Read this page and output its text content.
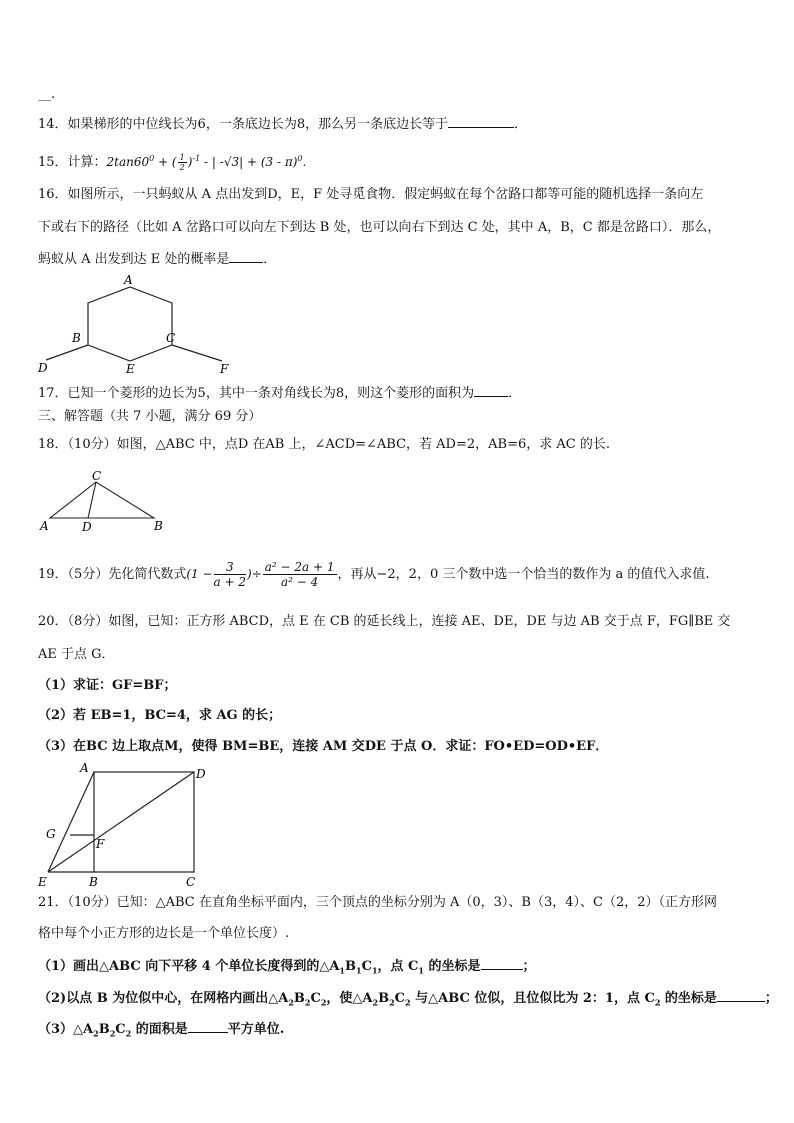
__.
14．如果梯形的中位线长为6，一条底边长为8，那么另一条底边长等于	．
15．计算：$2\tan 60^0$ + ( $\frac{1}{2} )^{-1}$ - | -√3| + (3 - π)$^0$.
16．如图所示，一只蚂蚁从 A 点出发到D，E，F 处寻觅食物．假定蚂蚁在每个岔路口都等可能的随机选择一条向左
下或右下的路径（比如 A 岔路口可以向左下到达 B 处，也可以向右下到达 C 处，其中 A，B，C 都是岔路口）．那么，
蚂蚁从 A 出发到达 E 处的概率是	．
A
B	C
D	E	F
17．已知一个菱形的边长为5，其中一条对角线长为8，则这个菱形的面积为	．
三、解答题（共 7 小题，满分 69 分）
18．（10分）如图，△ABC 中，点D 在AB 上，∠ACD=∠ABC，若 AD=2，AB=6，求 AC 的长.
C
A	D	B
19．（5分）先化简代数式($1 - \frac{3}{a + 2}$ )÷ $\frac{\text{a² − 2a + 1}}{\text{a² − 4}}$ ，再从−2，2，0 三个数中选一个恰当的数作为 a 的值代入求值.
20．（8分）如图，已知：正方形 ABCD，点 E 在 CB 的延长线上，连接 AE、DE，DE 与边 AB 交于点 F，FG∥BE 交
AE 于点 G．
（1）求证：GF=BF；
（2）若 EB=1，BC=4，求 AG 的长；
（3）在BC 边上取点M，使得 BM=BE，连接 AM 交DE 于点 O．求证：FO•ED=OD•EF．
A	D
G
F
E	B	C
21．（10分）已知：△ABC 在直角坐标平面内，三个顶点的坐标分别为 A（0，3）、B（3，4）、C（2，2）（正方形网
格中每个小正方形的边长是一个单位长度）.
（1）画出△ABC 向下平移 4 个单位长度得到的$\triangle A_1B_1C_1$，点 $C_1$ 的坐标是	；
（2)以点 B 为位似中心，在网格内画出$\triangle A_2B_2C_2$，使$\triangle A_2B_2C_2$ 与△ABC 位似，且位似比为 2：1，点 $C_2$ 的坐标是	；
$(3)\triangle A_2B_2C_2$ 的面积是	平方单位.
